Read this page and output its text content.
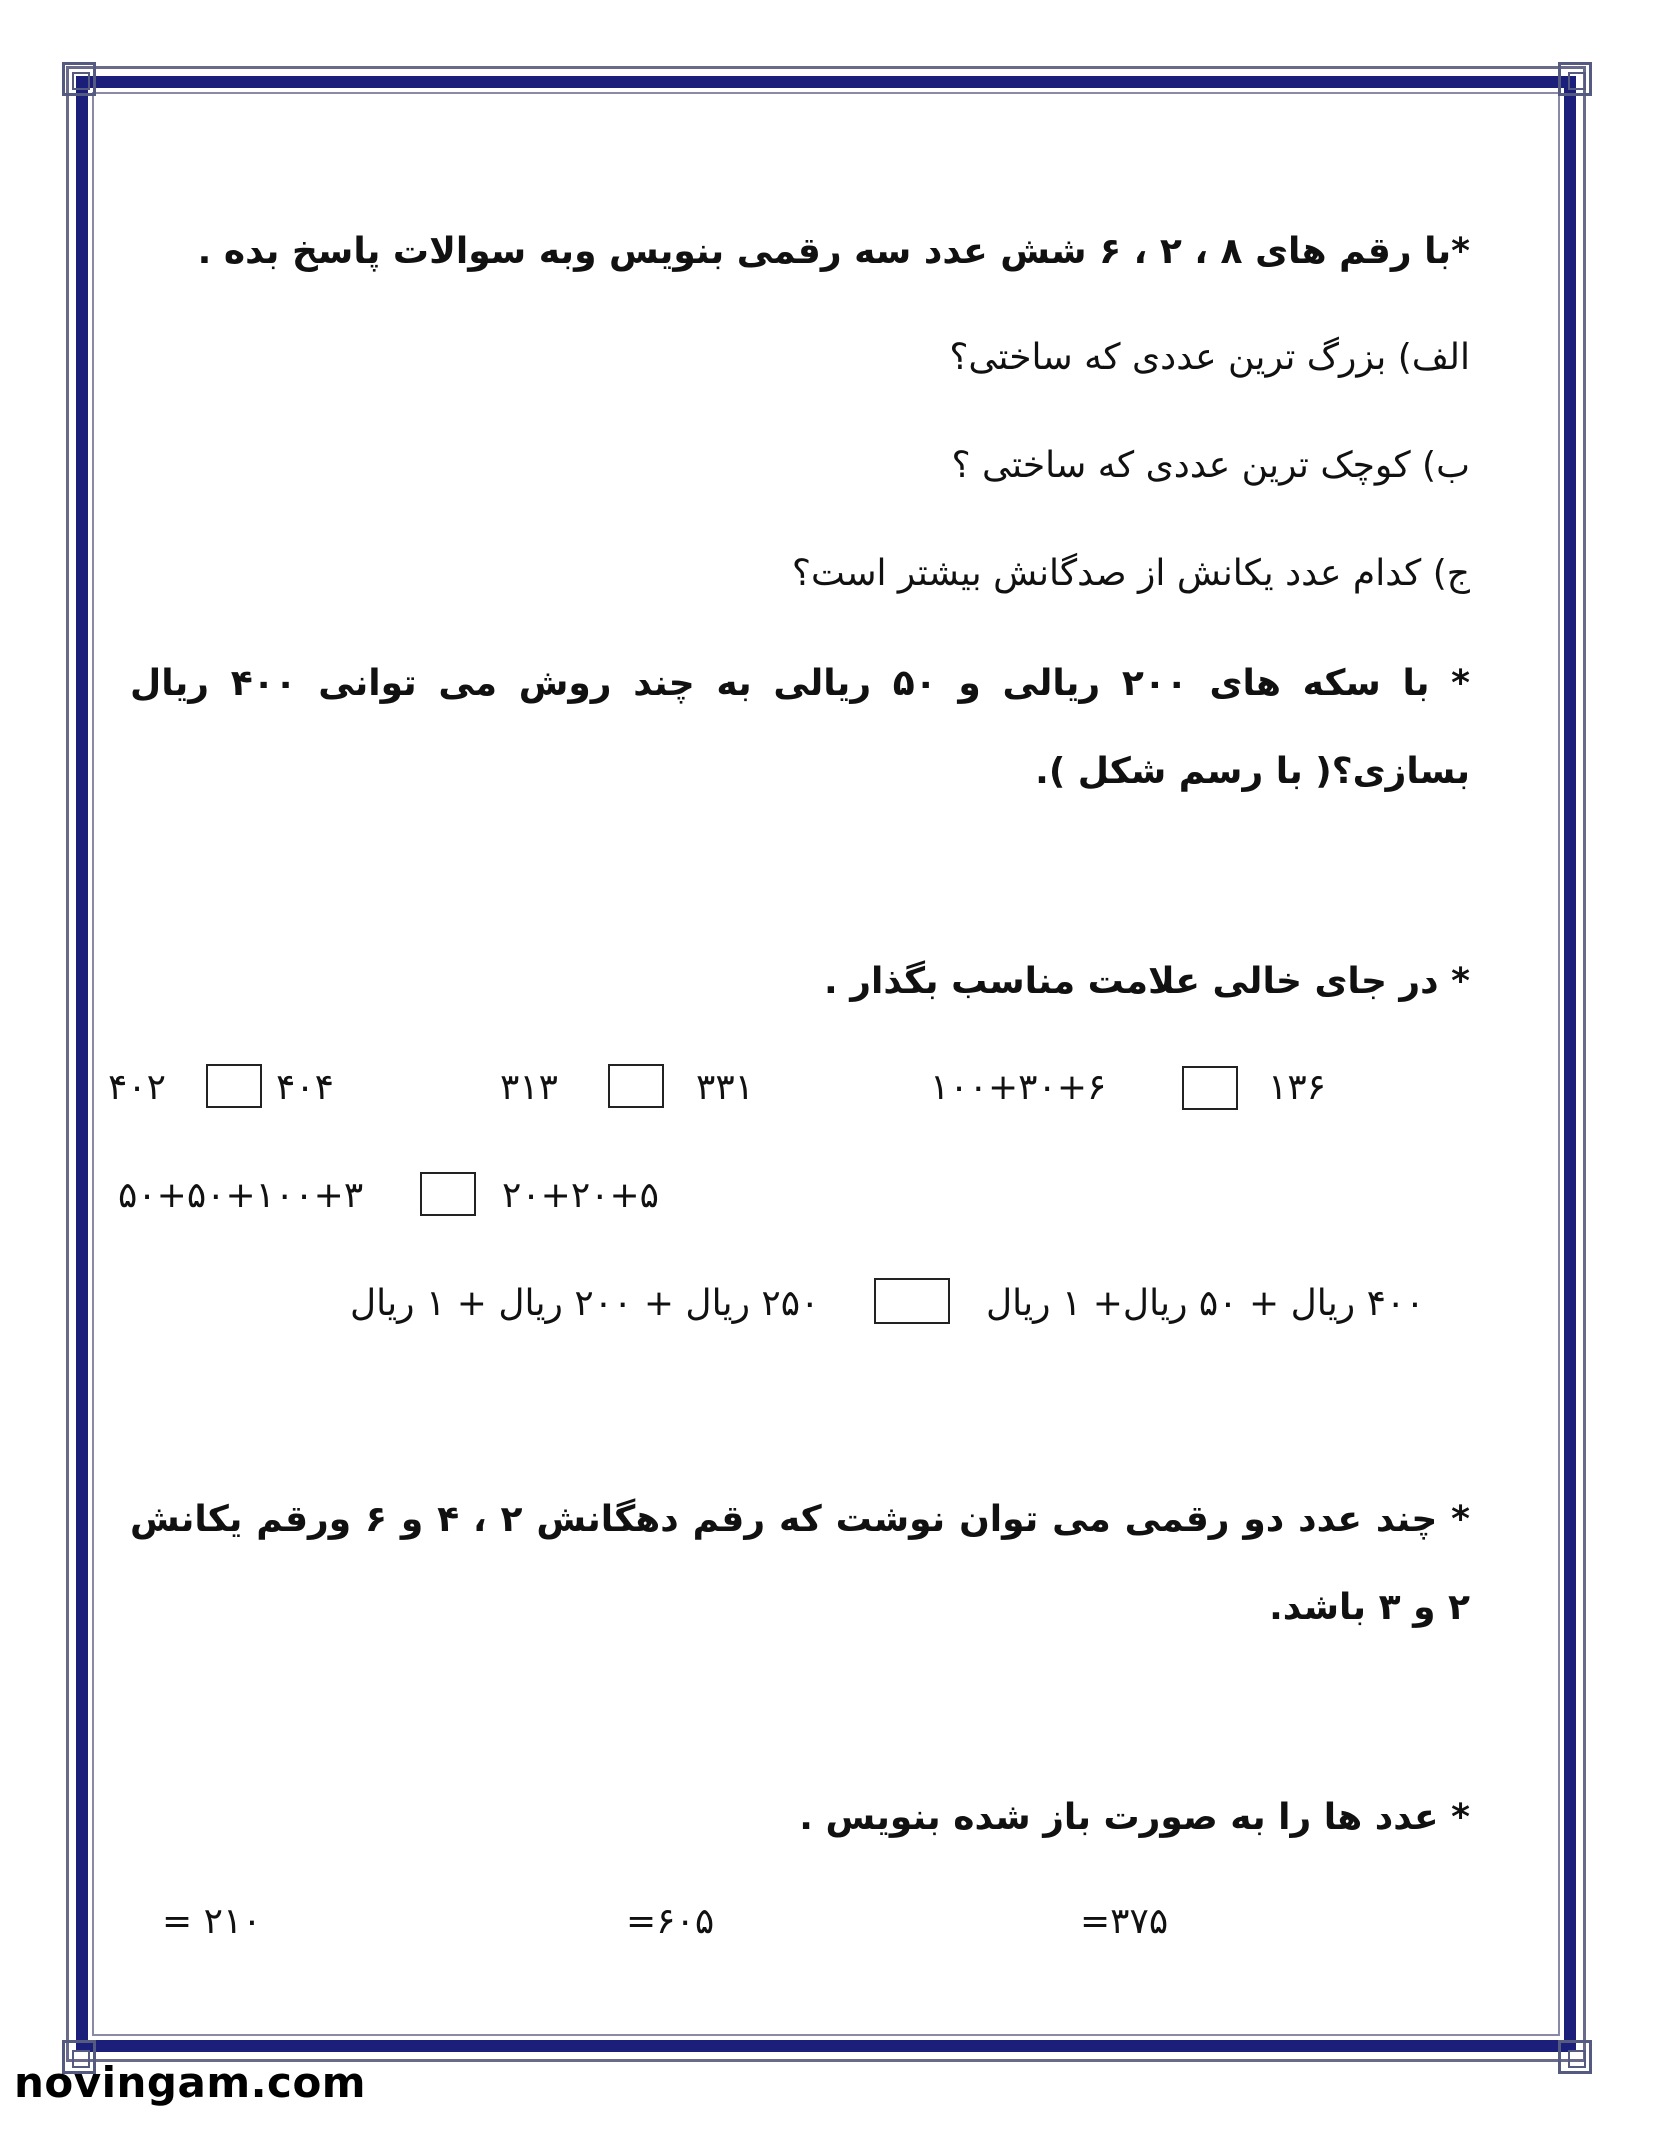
*با رقم های ۸ ، ۲ ، ۶ شش عدد سه رقمی بنویس وبه سوالات پاسخ بده .
الف) بزرگ ترین عددی که ساختی؟
ب) کوچک ترین عددی که ساختی ؟
ج) کدام عدد یکانش از صدگانش بیشتر است؟
* با سکه های ۲۰۰ ریالی و ۵۰ ریالی به چند روش می توانی ۴۰۰ ریال بسازی؟( با رسم شکل ).
* در جای خالی علامت مناسب بگذار .
۴۰۲	۴۰۴	۳۱۳	۳۳۱	۱۰۰+۳۰+۶	۱۳۶
۵۰+۵۰+۱۰۰+۳	۲۰+۲۰+۵
۲۵۰ ریال + ۲۰۰ ریال + ۱ ریال	۴۰۰ ریال + ۵۰ ریال+ ۱ ریال
* چند عدد دو رقمی می توان نوشت که رقم دهگانش ۲ ، ۴ و ۶ ورقم یکانش ۲ و ۳ باشد.
* عدد ها را به صورت باز شده بنویس .
۲۱۰ =	۶۰۵=	۳۷۵=
novingam.com
